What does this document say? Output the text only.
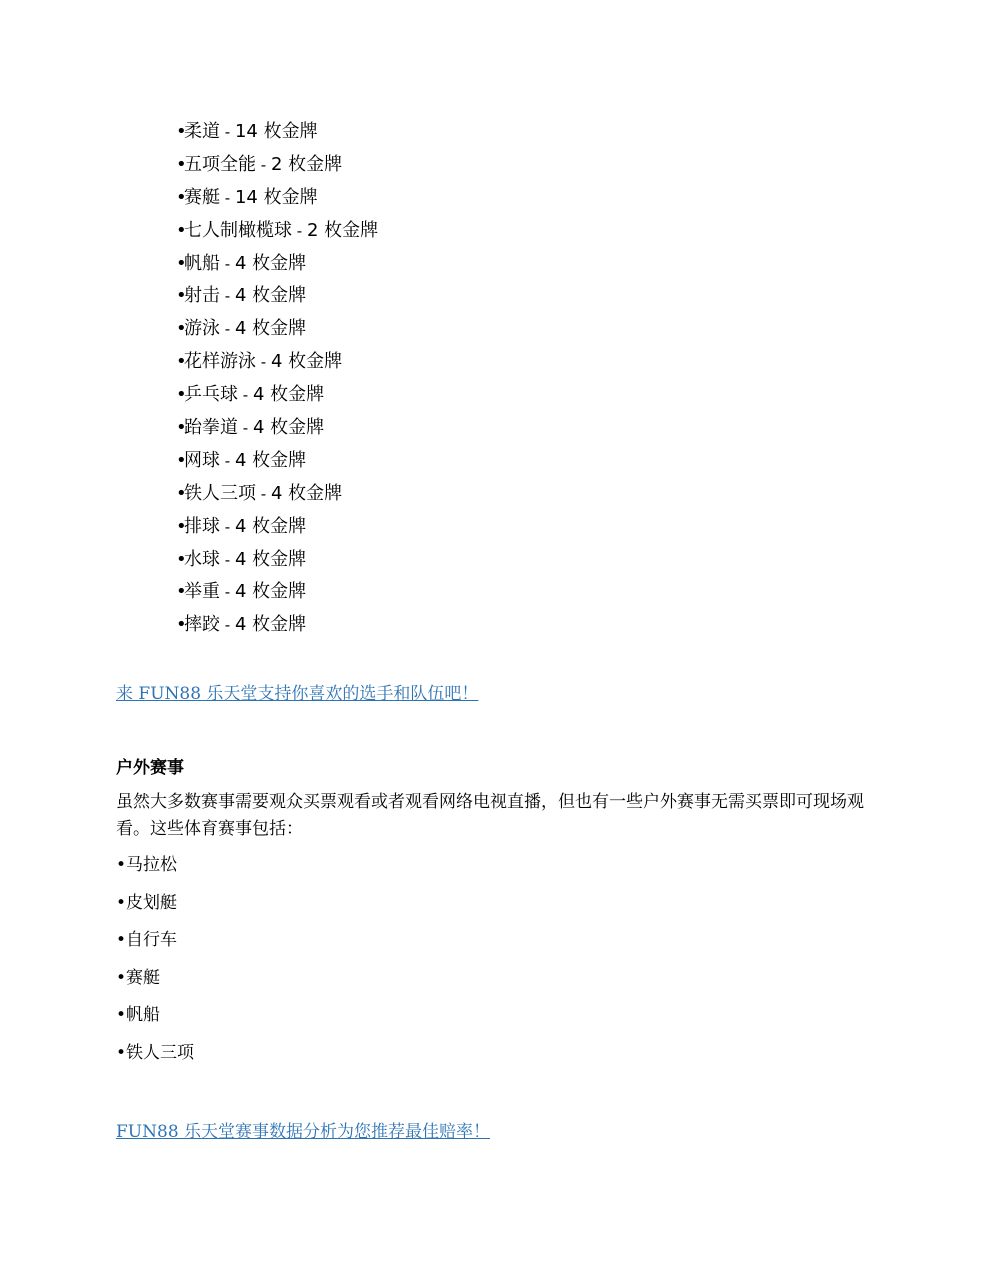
•柔道 - 14 枚金牌
•五项全能 - 2 枚金牌
•赛艇 - 14 枚金牌
•七人制橄榄球 - 2 枚金牌
•帆船 - 4 枚金牌
•射击 - 4 枚金牌
•游泳 - 4 枚金牌
•花样游泳 - 4 枚金牌
•乒乓球 - 4 枚金牌
•跆拳道 - 4 枚金牌
•网球 - 4 枚金牌
•铁人三项 - 4 枚金牌
•排球 - 4 枚金牌
•水球 - 4 枚金牌
•举重 - 4 枚金牌
•摔跤 - 4 枚金牌
来 FUN88 乐天堂支持你喜欢的选手和队伍吧！
户外赛事

虽然大多数赛事需要观众买票观看或者观看网络电视直播，但也有一些户外赛事无需买票即可现场观看。这些体育赛事包括：

•马拉松
•皮划艇
•自行车
•赛艇
•帆船
•铁人三项
FUN88 乐天堂赛事数据分析为您推荐最佳赔率！
